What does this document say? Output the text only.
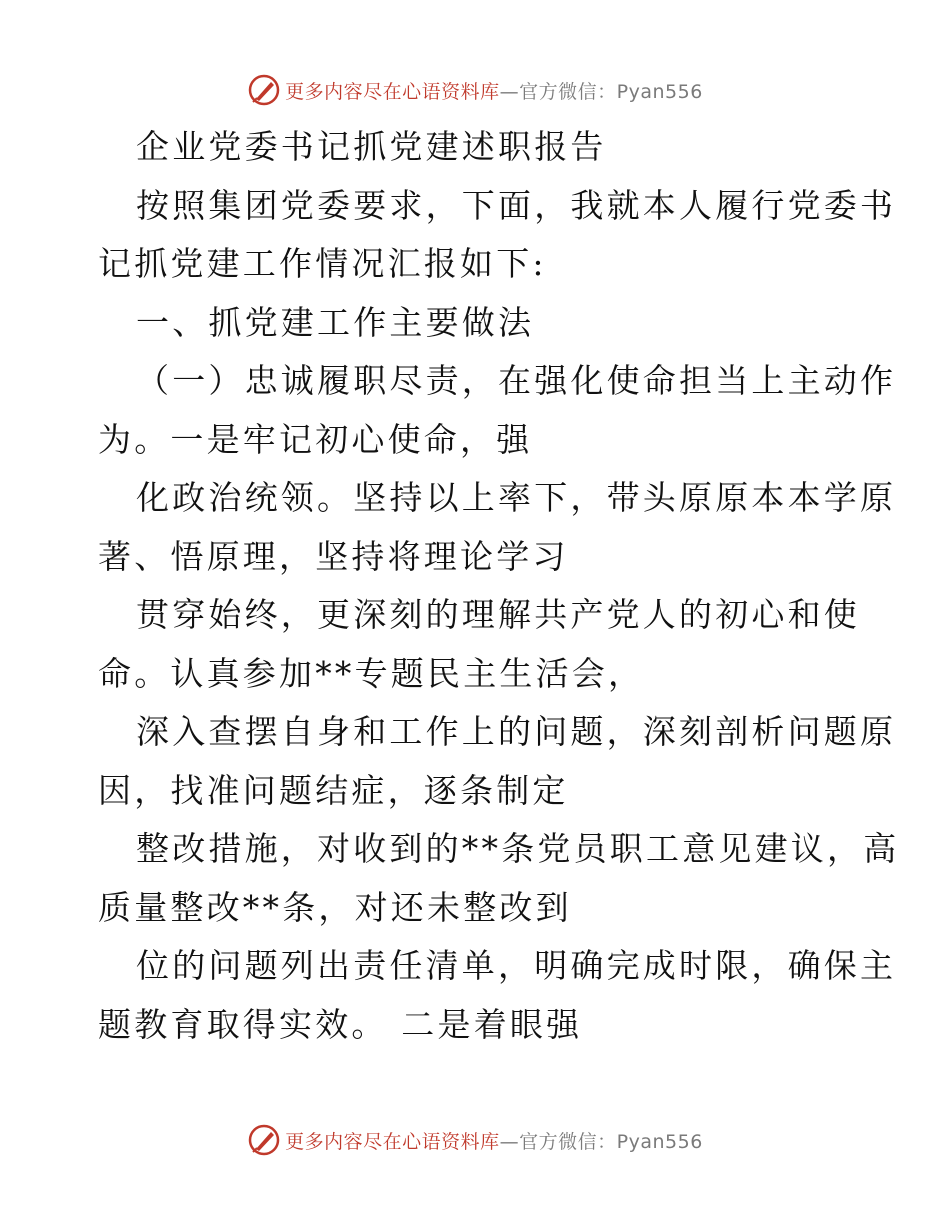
更多内容尽在心语资料库—官方微信：Pyan556
企业党委书记抓党建述职报告
按照集团党委要求，下面，我就本人履行党委书
记抓党建工作情况汇报如下:
一、抓党建工作主要做法
（一）忠诚履职尽责，在强化使命担当上主动作
为。一是牢记初心使命，强
化政治统领。坚持以上率下，带头原原本本学原
著、悟原理，坚持将理论学习
贯穿始终，更深刻的理解共产党人的初心和使
命。认真参加**专题民主生活会，
深入查摆自身和工作上的问题，深刻剖析问题原
因，找准问题结症，逐条制定
整改措施，对收到的**条党员职工意见建议，高
质量整改**条，对还未整改到
位的问题列出责任清单，明确完成时限，确保主
题教育取得实效。 二是着眼强
更多内容尽在心语资料库—官方微信：Pyan556
